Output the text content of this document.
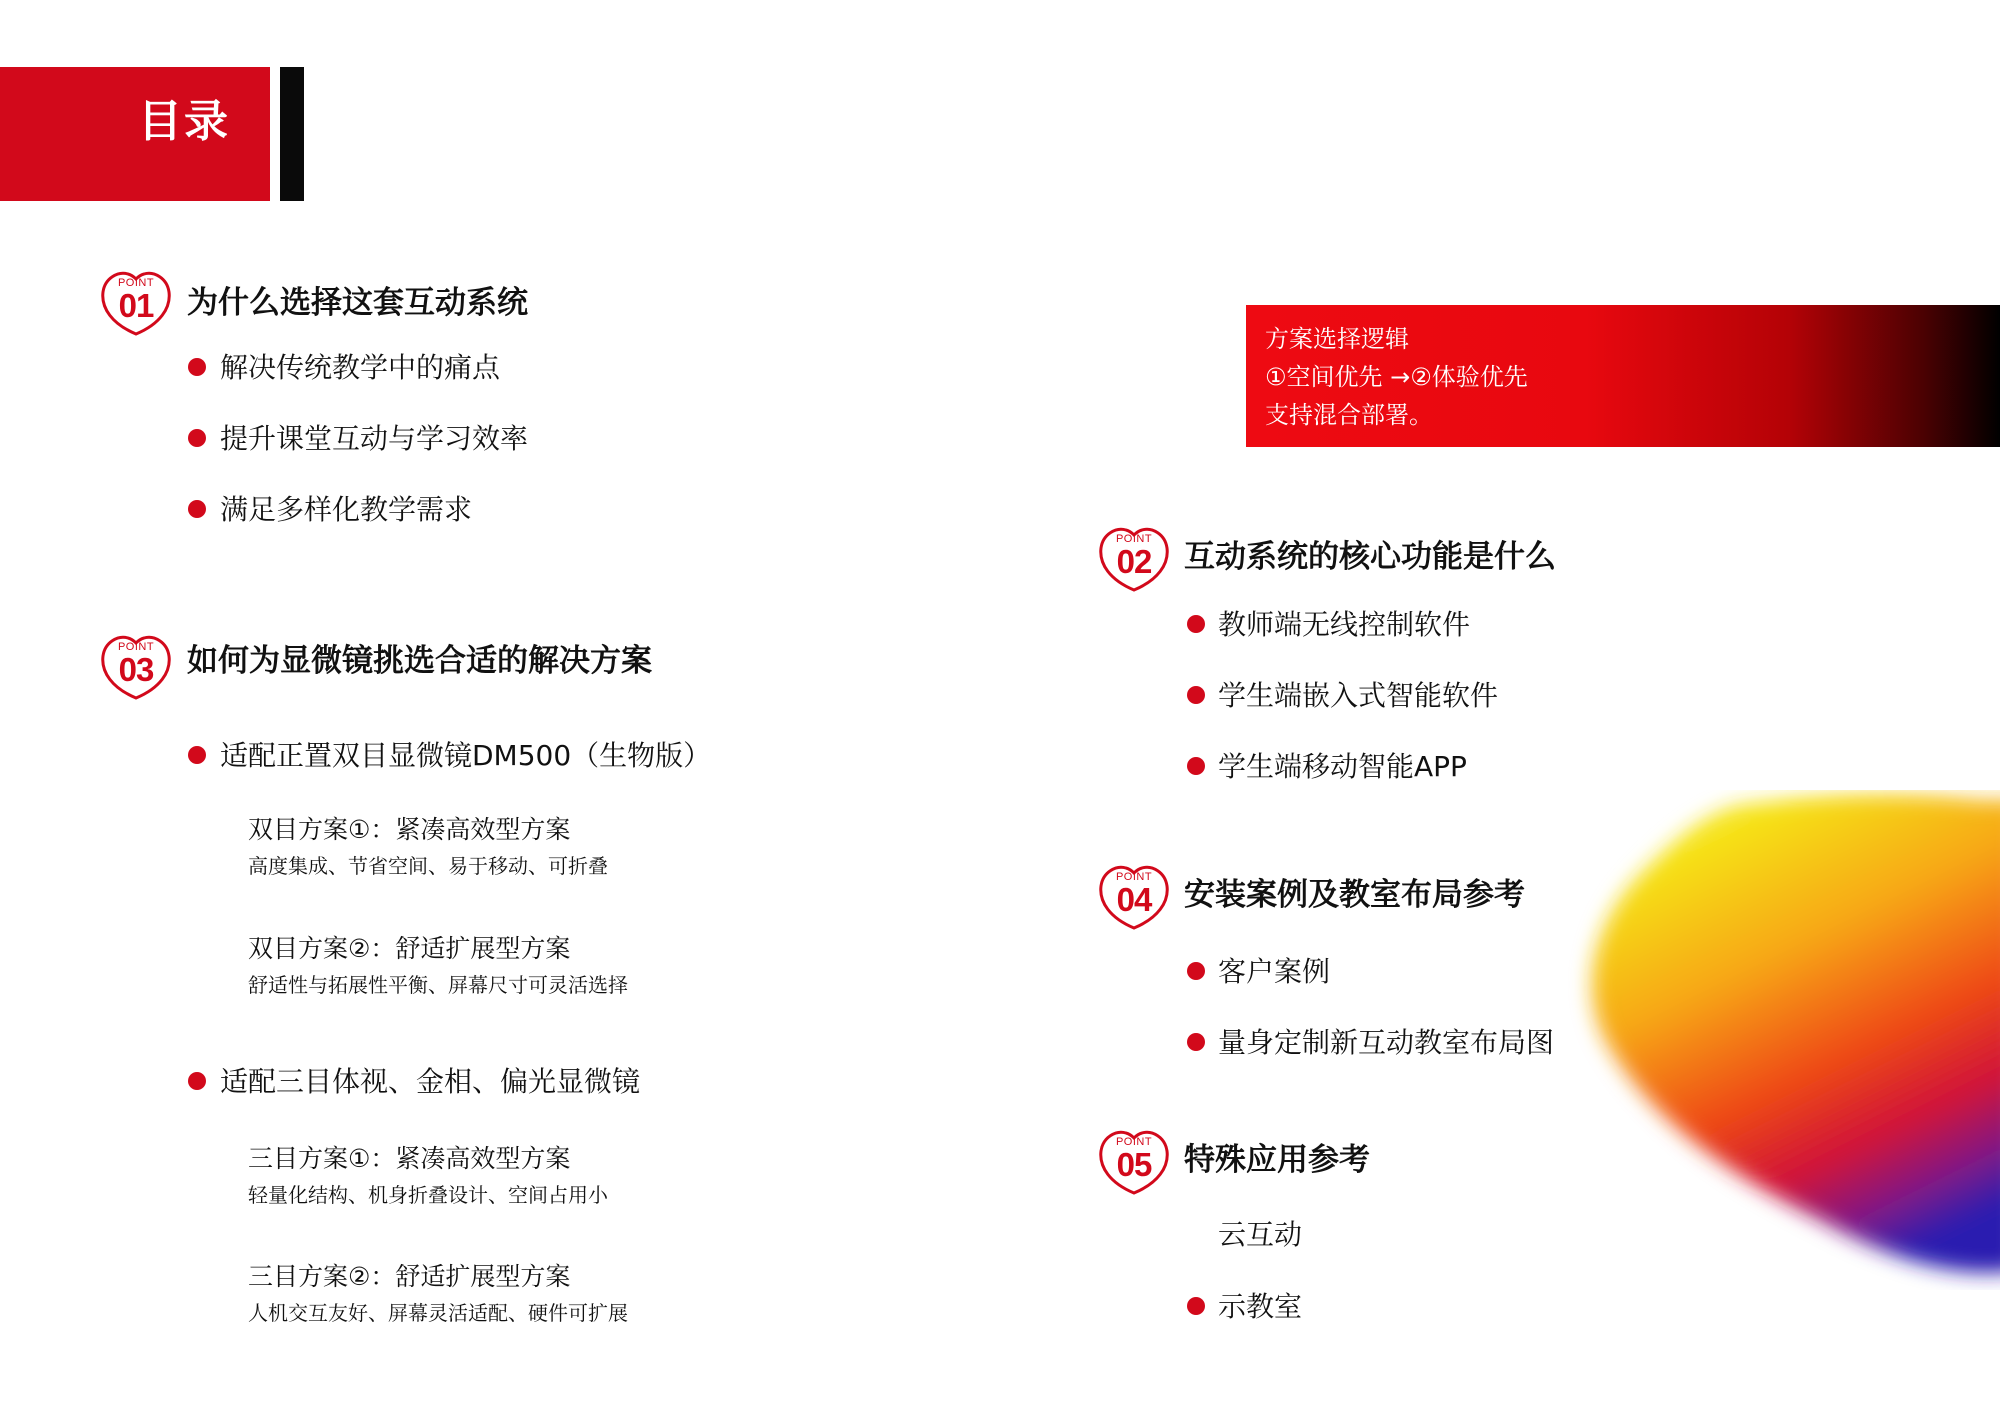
目录
POINT
01	为什么选择这套互动系统
解决传统教学中的痛点
提升课堂互动与学习效率
满足多样化教学需求
POINT
03	如何为显微镜挑选合适的解决方案
适配正置双目显微镜DM500（生物版）
双目方案①：紧凑高效型方案
高度集成、节省空间、易于移动、可折叠
双目方案②：舒适扩展型方案
舒适性与拓展性平衡、屏幕尺寸可灵活选择
适配三目体视、金相、偏光显微镜
三目方案①：紧凑高效型方案
轻量化结构、机身折叠设计、空间占用小
三目方案②：舒适扩展型方案
人机交互友好、屏幕灵活适配、硬件可扩展
方案选择逻辑
①空间优先 →②体验优先
支持混合部署。
POINT
02	互动系统的核心功能是什么
教师端无线控制软件
学生端嵌入式智能软件
学生端移动智能APP
POINT
04	安装案例及教室布局参考
客户案例
量身定制新互动教室布局图
POINT
05	特殊应用参考
云互动
示教室
